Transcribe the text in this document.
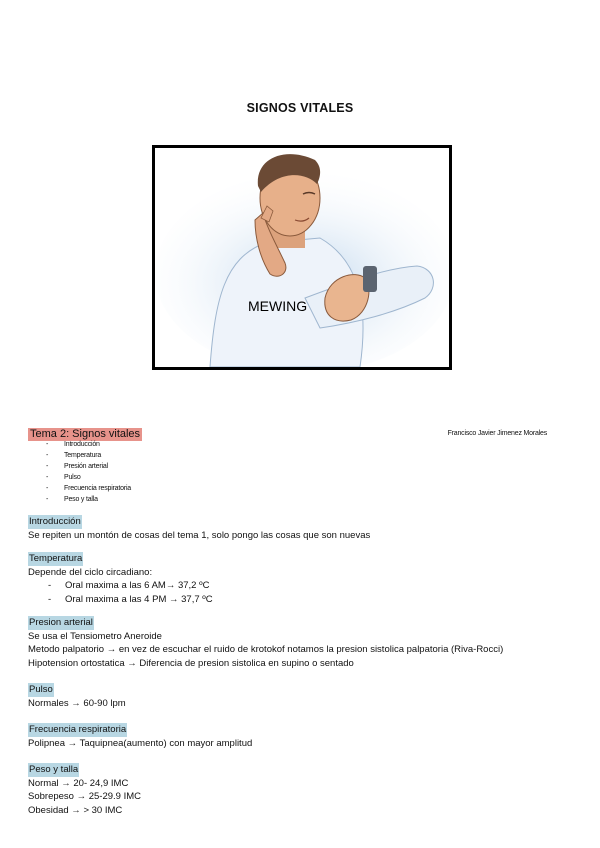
SIGNOS VITALES
MEWING
Tema 2: Signos vitales	Francisco Javier Jimenez Morales
- Introducción
- Temperatura
- Presión arterial
- Pulso
- Frecuencia respiratoria
- Peso y talla
Introducción
Se repiten un montón de cosas del tema 1, solo pongo las cosas que son nuevas
Temperatura
Depende del ciclo circadiano:
- Oral maxima a las 6 AM→ 37,2 ºC
- Oral maxima a las 4 PM → 37,7 ºC
Presion arterial
Se usa el Tensiometro Aneroide
Metodo palpatorio → en vez de escuchar el ruido de krotokof notamos la presion sistolica palpatoria (Riva-Rocci)
Hipotension ortostatica → Diferencia de presion sistolica en supino o sentado
Pulso
Normales → 60-90 lpm
Frecuencia respiratoria
Polipnea → Taquipnea(aumento) con mayor amplitud
Peso y talla
Normal → 20- 24,9 IMC
Sobrepeso → 25-29.9 IMC
Obesidad → > 30 IMC
